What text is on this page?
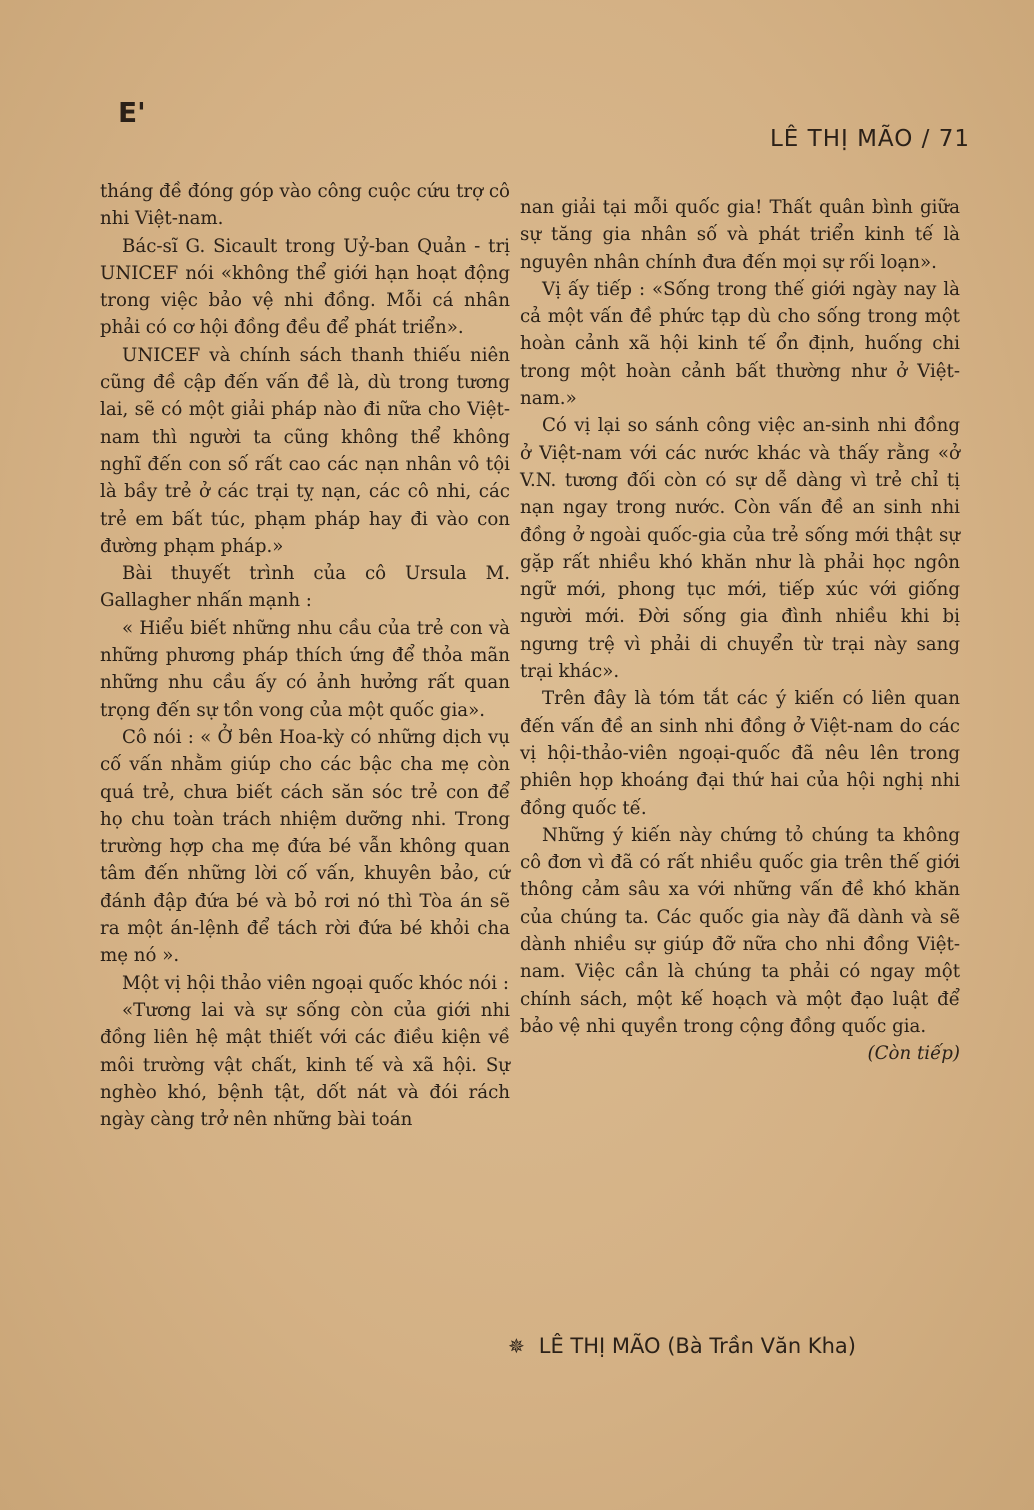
E'
LÊ THỊ MÃO / 71

tháng đề đóng góp vào công cuộc cứu trợ cô nhi Việt-nam.

Bác-sĩ G. Sicault trong Uỷ-ban Quản - trị UNICEF nói «không thể giới hạn hoạt động trong việc bảo vệ nhi đồng. Mỗi cá nhân phải có cơ hội đồng đều để phát triển».

UNICEF và chính sách thanh thiếu niên cũng đề cập đến vấn đề là, dù trong tương lai, sẽ có một giải pháp nào đi nữa cho Việt-nam thì người ta cũng không thể không nghĩ đến con số rất cao các nạn nhân vô tội là bầy trẻ ở các trại tỵ nạn, các cô nhi, các trẻ em bất túc, phạm pháp hay đi vào con đường phạm pháp.»

Bài thuyết trình của cô Ursula M. Gallagher nhấn mạnh :

« Hiểu biết những nhu cầu của trẻ con và những phương pháp thích ứng để thỏa mãn những nhu cầu ấy có ảnh hưởng rất quan trọng đến sự tồn vong của một quốc gia».

Cô nói : « Ở bên Hoa-kỳ có những dịch vụ cố vấn nhằm giúp cho các bậc cha mẹ còn quá trẻ, chưa biết cách săn sóc trẻ con để họ chu toàn trách nhiệm dưỡng nhi. Trong trường hợp cha mẹ đứa bé vẫn không quan tâm đến những lời cố vấn, khuyên bảo, cứ đánh đập đứa bé và bỏ rơi nó thì Tòa án sẽ ra một án-lệnh để tách rời đứa bé khỏi cha mẹ nó ».

Một vị hội thảo viên ngoại quốc khóc nói :

«Tương lai và sự sống còn của giới nhi đồng liên hệ mật thiết với các điều kiện về môi trường vật chất, kinh tế và xã hội. Sự nghèo khó, bệnh tật, dốt nát và đói rách ngày càng trở nên những bài toán

nan giải tại mỗi quốc gia! Thất quân bình giữa sự tăng gia nhân số và phát triển kinh tế là nguyên nhân chính đưa đến mọi sự rối loạn».

Vị ấy tiếp : «Sống trong thế giới ngày nay là cả một vấn đề phức tạp dù cho sống trong một hoàn cảnh xã hội kinh tế ổn định, huống chi trong một hoàn cảnh bất thường như ở Việt-nam.»

Có vị lại so sánh công việc an-sinh nhi đồng ở Việt-nam với các nước khác và thấy rằng «ở V.N. tương đối còn có sự dễ dàng vì trẻ chỉ tị nạn ngay trong nước. Còn vấn đề an sinh nhi đồng ở ngoài quốc-gia của trẻ sống mới thật sự gặp rất nhiều khó khăn như là phải học ngôn ngữ mới, phong tục mới, tiếp xúc với giống người mới. Đời sống gia đình nhiều khi bị ngưng trệ vì phải di chuyển từ trại này sang trại khác».

Trên đây là tóm tắt các ý kiến có liên quan đến vấn đề an sinh nhi đồng ở Việt-nam do các vị hội-thảo-viên ngoại-quốc đã nêu lên trong phiên họp khoáng đại thứ hai của hội nghị nhi đồng quốc tế.

Những ý kiến này chứng tỏ chúng ta không cô đơn vì đã có rất nhiều quốc gia trên thế giới thông cảm sâu xa với những vấn đề khó khăn của chúng ta. Các quốc gia này đã dành và sẽ dành nhiều sự giúp đỡ nữa cho nhi đồng Việt-nam. Việc cần là chúng ta phải có ngay một chính sách, một kế hoạch và một đạo luật để bảo vệ nhi quyền trong cộng đồng quốc gia.

(Còn tiếp)

✵ LÊ THỊ MÃO (Bà Trần Văn Kha)
